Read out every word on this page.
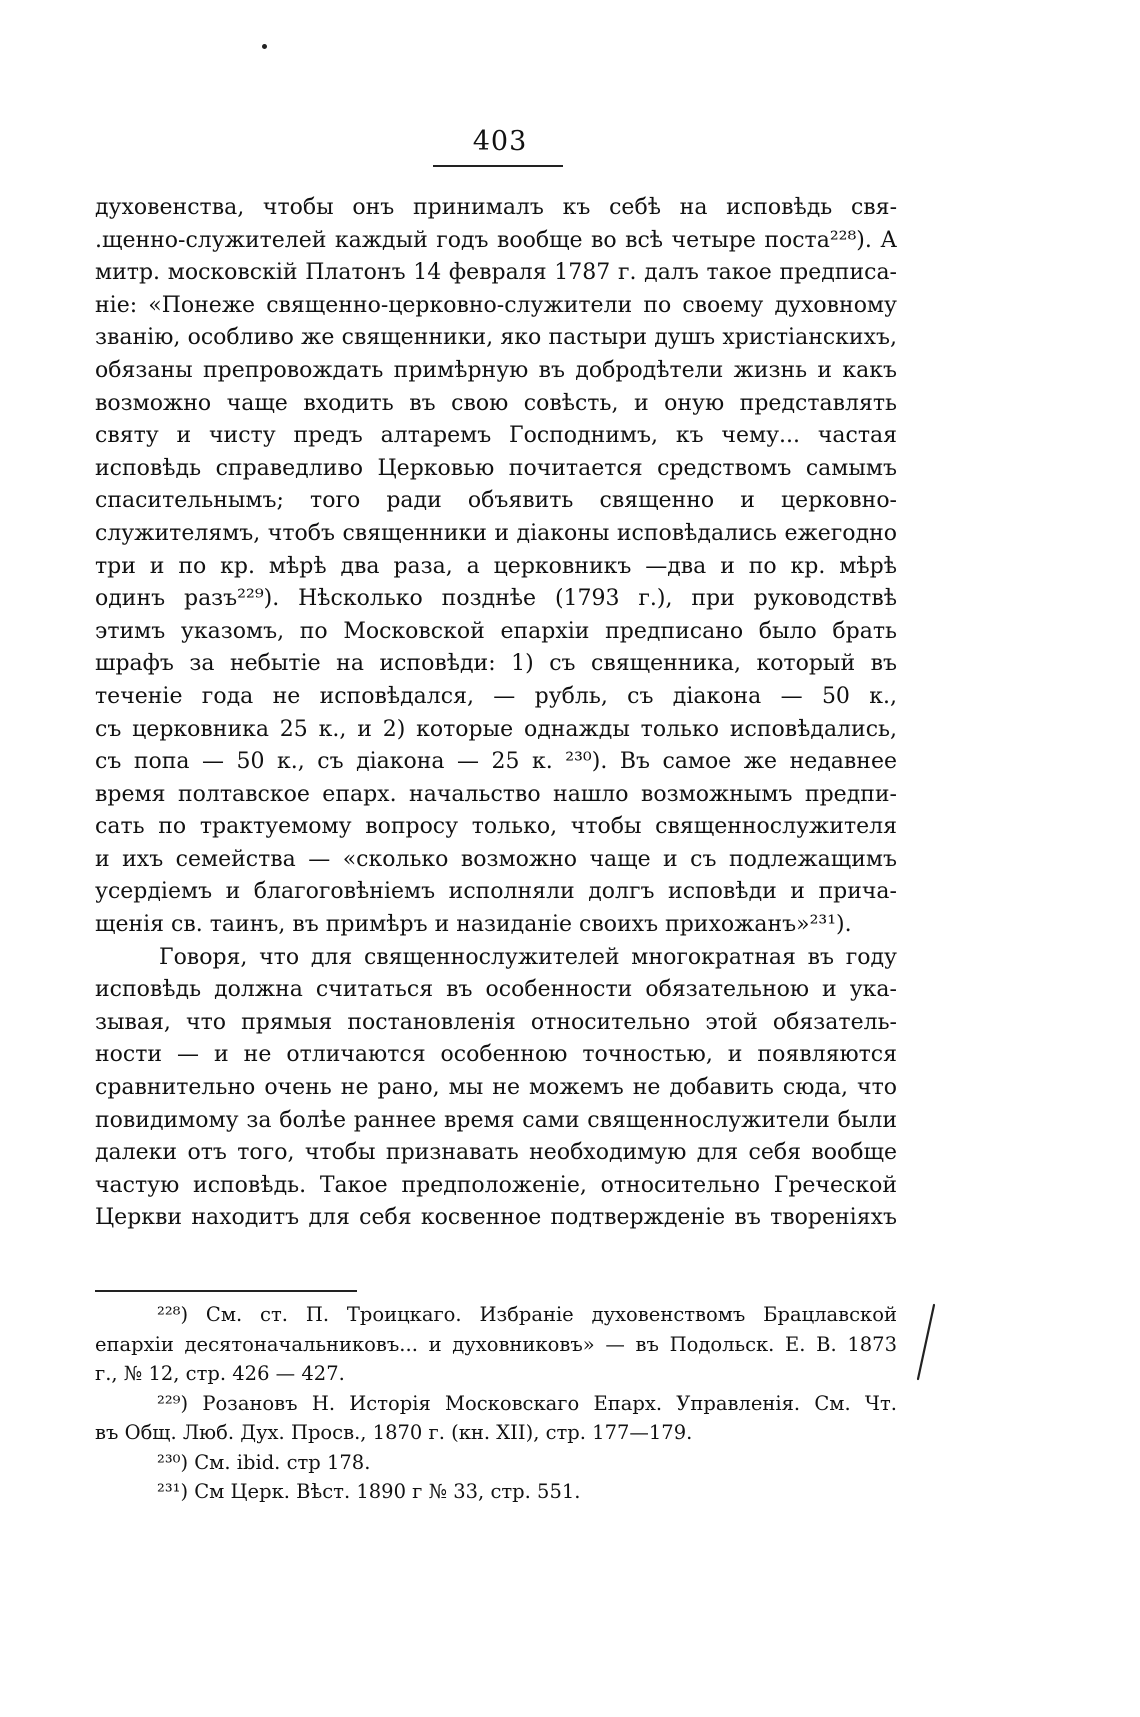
403
духовенства, чтобы онъ принималъ къ себѣ на исповѣдь свя-
.щенно-служителей каждый годъ вообще во всѣ четыре поста²²⁸). А
митр. московскій Платонъ 14 февраля 1787 г. далъ такое предписа-
ніе: «Понеже священно-церковно-служители по своему духовному
званію, особливо же священники, яко пастыри душъ христіанскихъ,
обязаны препровождать примѣрную въ добродѣтели жизнь и какъ
возможно чаще входить въ свою совѣсть, и оную представлять
святу и чисту предъ алтаремъ Господнимъ, къ чему... частая
исповѣдь справедливо Церковью почитается средствомъ самымъ
спасительнымъ; того ради объявить священно и церковно-
служителямъ, чтобъ священники и діаконы исповѣдались ежегодно
три и по кр. мѣрѣ два раза, а церковникъ —два и по кр. мѣрѣ
одинъ разъ²²⁹). Нѣсколько позднѣе (1793 г.), при руководствѣ
этимъ указомъ, по Московской епархіи предписано было брать
шрафъ за небытіе на исповѣди: 1) съ священника, который въ
теченіе года не исповѣдался, — рубль, съ діакона — 50 к.,
съ церковника 25 к., и 2) которые однажды только исповѣдались,
съ попа — 50 к., съ діакона — 25 к. ²³⁰). Въ самое же недавнее
время полтавское епарх. начальство нашло возможнымъ предпи-
сать по трактуемому вопросу только, чтобы священнослужителя
и ихъ семейства — «сколько возможно чаще и съ подлежащимъ
усердіемъ и благоговѣніемъ исполняли долгъ исповѣди и прича-
щенія св. таинъ, въ примѣръ и назиданіе своихъ прихожанъ»²³¹).
Говоря, что для священнослужителей многократная въ году
исповѣдь должна считаться въ особенности обязательною и ука-
зывая, что прямыя постановленія относительно этой обязатель-
ности — и не отличаются особенною точностью, и появляются
сравнительно очень не рано, мы не можемъ не добавить сюда, что
повидимому за болѣе раннее время сами священнослужители были
далеки отъ того, чтобы признавать необходимую для себя вообще
частую исповѣдь. Такое предположеніе, относительно Греческой
Церкви находитъ для себя косвенное подтвержденіе въ твореніяхъ
²²⁸) См. ст. П. Троицкаго. Избраніе духовенствомъ Брацлавской
епархіи десятоначальниковъ... и духовниковъ» — въ Подольск. Е. В. 1873
г., № 12, стр. 426 — 427.
²²⁹) Розановъ Н. Исторія Московскаго Епарх. Управленія. См. Чт.
въ Общ. Люб. Дух. Просв., 1870 г. (кн. XII), стр. 177—179.
²³⁰) См. ibid. стр 178.
²³¹) См Церк. Вѣст. 1890 г № 33, стр. 551.
